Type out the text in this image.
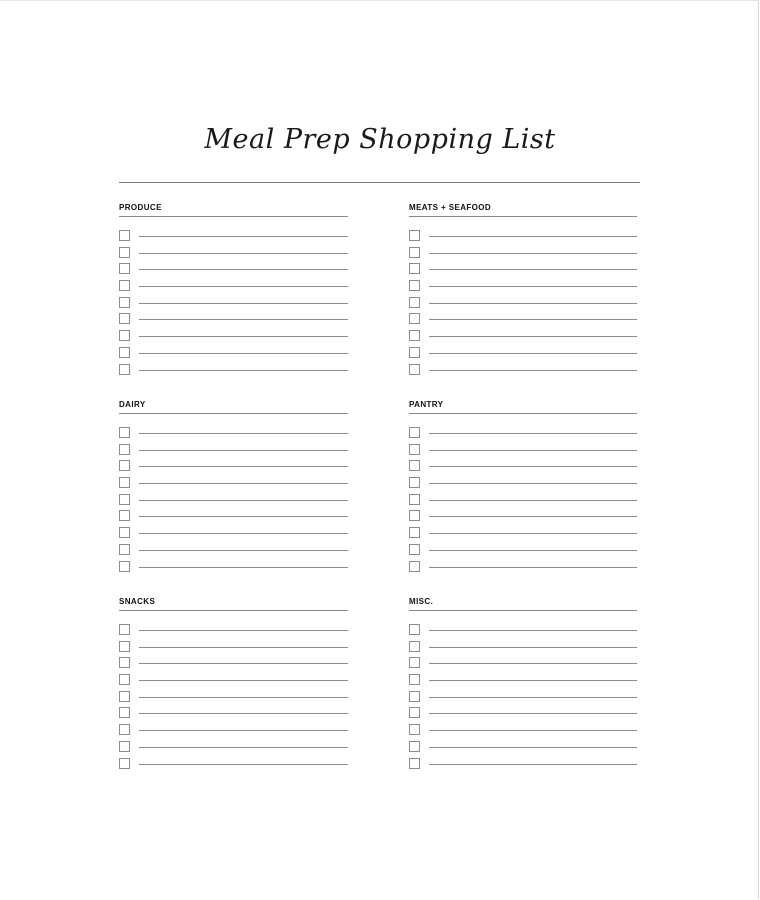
Meal Prep Shopping List
PRODUCE	MEATS + SEAFOOD
DAIRY	PANTRY
SNACKS	MISC.
